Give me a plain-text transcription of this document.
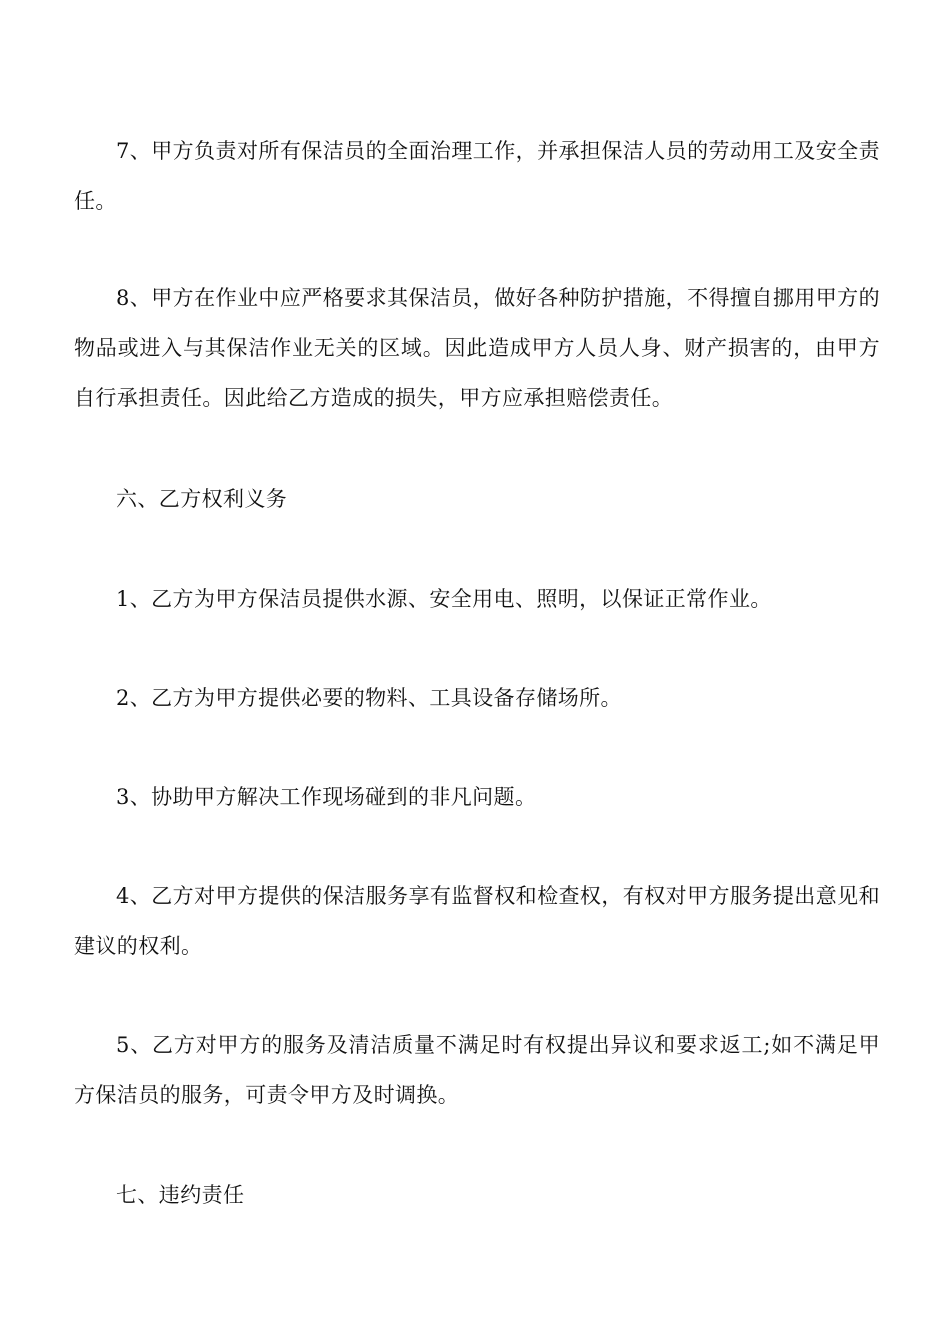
7、甲方负责对所有保洁员的全面治理工作，并承担保洁人员的劳动用工及安全责任。

8、甲方在作业中应严格要求其保洁员，做好各种防护措施，不得擅自挪用甲方的物品或进入与其保洁作业无关的区域。因此造成甲方人员人身、财产损害的，由甲方自行承担责任。因此给乙方造成的损失，甲方应承担赔偿责任。

六、乙方权利义务

1、乙方为甲方保洁员提供水源、安全用电、照明，以保证正常作业。

2、乙方为甲方提供必要的物料、工具设备存储场所。

3、协助甲方解决工作现场碰到的非凡问题。

4、乙方对甲方提供的保洁服务享有监督权和检查权，有权对甲方服务提出意见和建议的权利。

5、乙方对甲方的服务及清洁质量不满足时有权提出异议和要求返工;如不满足甲方保洁员的服务，可责令甲方及时调换。

七、违约责任
